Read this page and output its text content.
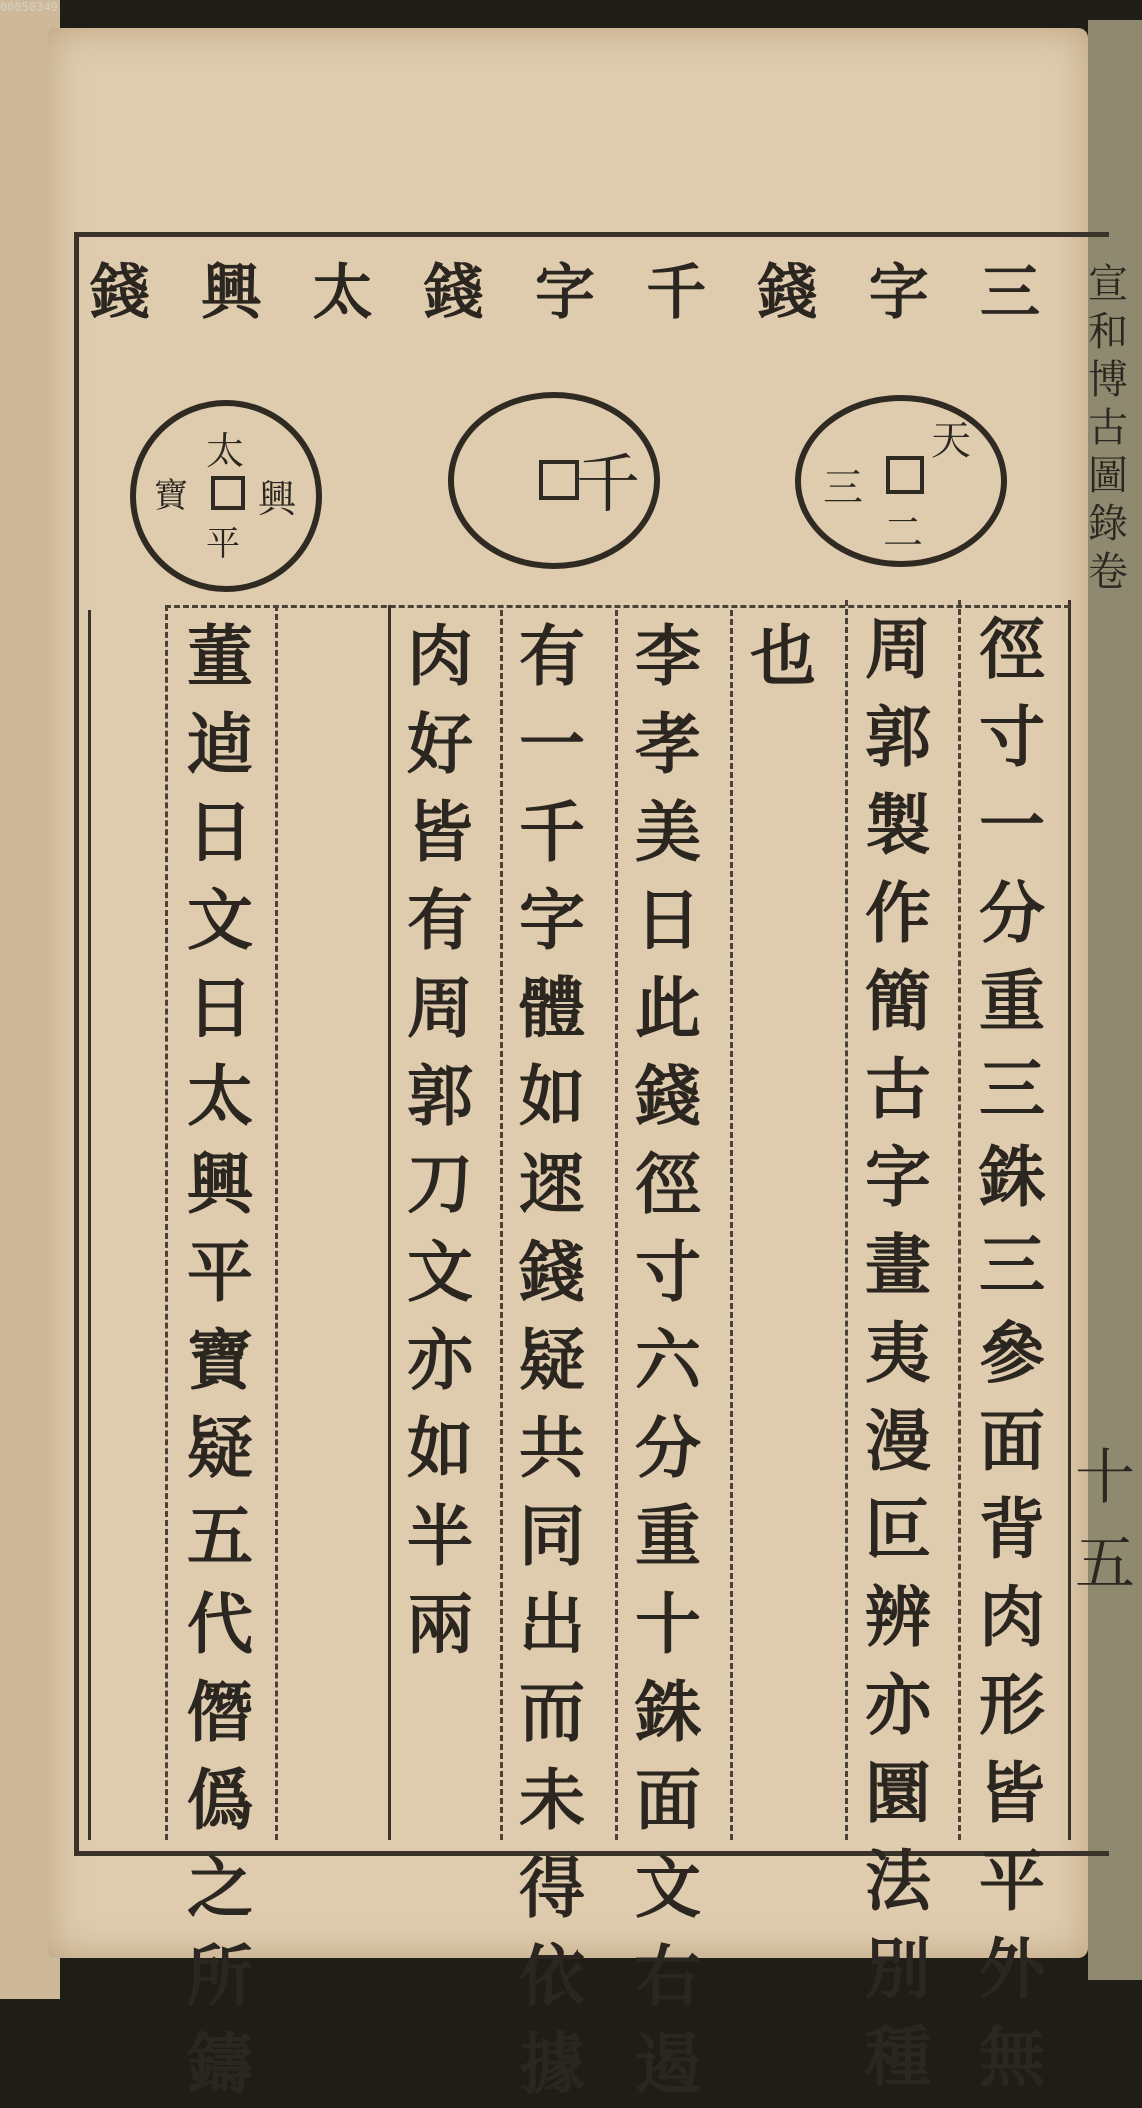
00050349
三
字
錢
千
字
錢
太
興
錢
天
三
二
千
太
興
平
寶
徑
寸
一
分
重
三
銖
三
參
面
背
肉
形
皆
平
外
無
周
郭
製
作
簡
古
字
畫
夷
漫
叵
辨
亦
圜
法
別
種
也
李
孝
美
日
此
錢
徑
寸
六
分
重
十
銖
面
文
右
遏
有
一
千
字
體
如
遝
錢
疑
共
同
出
而
未
得
依
據
肉
好
皆
有
周
郭
刀
文
亦
如
半
兩
董
逌
日
文
日
太
興
平
寶
疑
五
代
僭
僞
之
所
鑄
宣
和
博
古
圖
錄
卷
十五
